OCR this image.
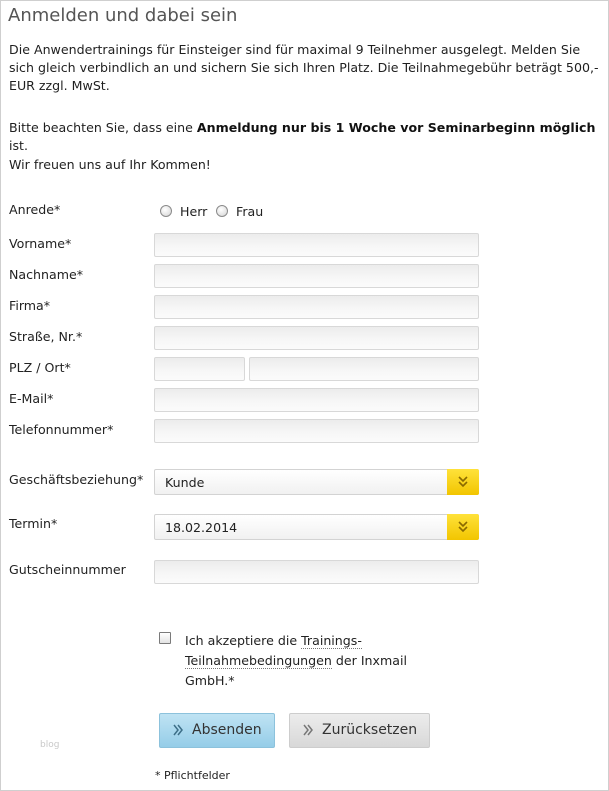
Anmelden und dabei sein
Die Anwendertrainings für Einsteiger sind für maximal 9 Teilnehmer ausgelegt. Melden Sie sich gleich verbindlich an und sichern Sie sich Ihren Platz. Die Teilnahmegebühr beträgt 500,- EUR zzgl. MwSt.
Bitte beachten Sie, dass eine Anmeldung nur bis 1 Woche vor Seminarbeginn möglich ist.
Wir freuen uns auf Ihr Kommen!
Anrede*	Herr Frau
Vorname*
Nachname*
Firma*
Straße, Nr.*
PLZ / Ort*
E-Mail*
Telefonnummer*
Geschäftsbeziehung* Kunde
Termin*	18.02.2014
Gutscheinnummer
Ich akzeptiere die Trainings-Teilnahmebedingungen der Inxmail GmbH.*
Absenden	Zurücksetzen
blog
* Pflichtfelder
